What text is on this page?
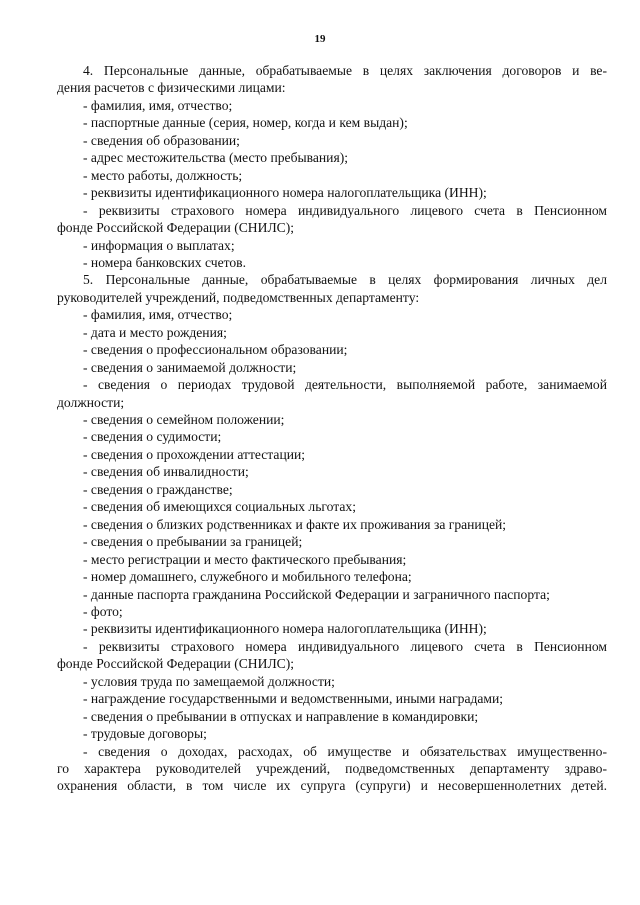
19
4. Персональные данные, обрабатываемые в целях заключения договоров и ве-
дения расчетов с физическими лицами:
- фамилия, имя, отчество;
- паспортные данные (серия, номер, когда и кем выдан);
- сведения об образовании;
- адрес местожительства (место пребывания);
- место работы, должность;
- реквизиты идентификационного номера налогоплательщика (ИНН);
- реквизиты страхового номера индивидуального лицевого счета в Пенсионном
фонде Российской Федерации (СНИЛС);
- информация о выплатах;
- номера банковских счетов.
5. Персональные данные, обрабатываемые в целях формирования личных дел
руководителей учреждений, подведомственных департаменту:
- фамилия, имя, отчество;
- дата и место рождения;
- сведения о профессиональном образовании;
- сведения о занимаемой должности;
- сведения о периодах трудовой деятельности, выполняемой работе, занимаемой
должности;
- сведения о семейном положении;
- сведения о судимости;
- сведения о прохождении аттестации;
- сведения об инвалидности;
- сведения о гражданстве;
- сведения об имеющихся социальных льготах;
- сведения о близких родственниках и факте их проживания за границей;
- сведения о пребывании за границей;
- место регистрации и место фактического пребывания;
- номер домашнего, служебного и мобильного телефона;
- данные паспорта гражданина Российской Федерации и заграничного паспорта;
- фото;
- реквизиты идентификационного номера налогоплательщика (ИНН);
- реквизиты страхового номера индивидуального лицевого счета в Пенсионном
фонде Российской Федерации (СНИЛС);
- условия труда по замещаемой должности;
- награждение государственными и ведомственными, иными наградами;
- сведения о пребывании в отпусках и направление в командировки;
- трудовые договоры;
- сведения о доходах, расходах, об имуществе и обязательствах имущественно-
го характера руководителей учреждений, подведомственных департаменту здраво-
охранения области, в том числе их супруга (супруги) и несовершеннолетних детей.
